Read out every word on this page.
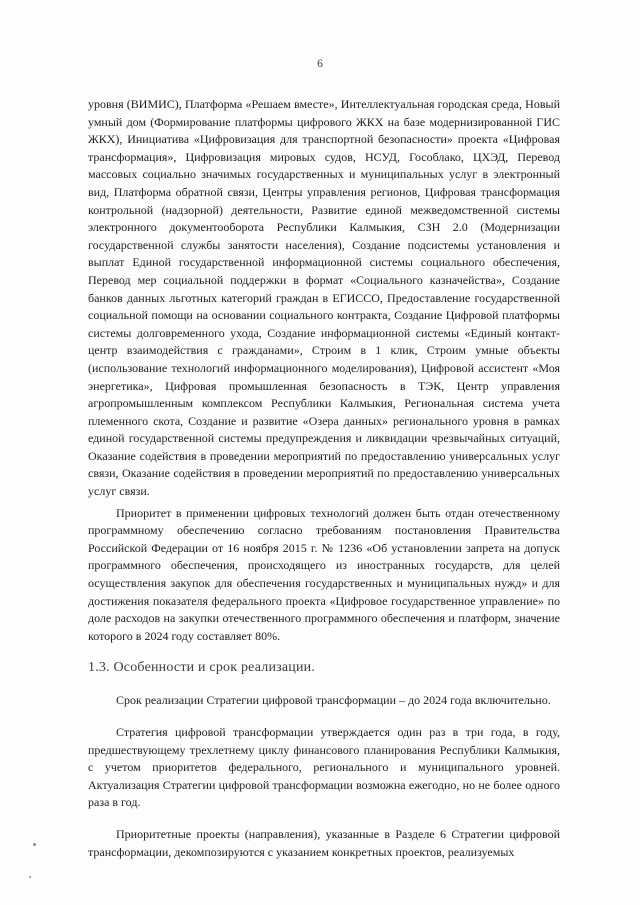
6

уровня (ВИМИС), Платформа «Решаем вместе», Интеллектуальная городская среда, Новый умный дом (Формирование платформы цифрового ЖКХ на базе модернизированной ГИС ЖКХ), Инициатива «Цифровизация для транспортной безопасности» проекта «Цифровая трансформация», Цифровизация мировых судов, НСУД, Гособлако, ЦХЭД, Перевод массовых социально значимых государственных и муниципальных услуг в электронный вид, Платформа обратной связи, Центры управления регионов, Цифровая трансформация контрольной (надзорной) деятельности, Развитие единой межведомственной системы электронного документооборота Республики Калмыкия, СЗН 2.0 (Модернизации государственной службы занятости населения), Создание подсистемы установления и выплат Единой государственной информационной системы социального обеспечения, Перевод мер социальной поддержки в формат «Социального казначейства», Создание банков данных льготных категорий граждан в ЕГИССО, Предоставление государственной социальной помощи на основании социального контракта, Создание Цифровой платформы системы долговременного ухода, Создание информационной системы «Единый контакт-центр взаимодействия с гражданами», Строим в 1 клик, Строим умные объекты (использование технологий информационного моделирования), Цифровой ассистент «Моя энергетика», Цифровая промышленная безопасность в ТЭК, Центр управления агропромышленным комплексом Республики Калмыкия, Региональная система учета племенного скота, Создание и развитие «Озера данных» регионального уровня в рамках единой государственной системы предупреждения и ликвидации чрезвычайных ситуаций, Оказание содействия в проведении мероприятий по предоставлению универсальных услуг связи, Оказание содействия в проведении мероприятий по предоставлению универсальных услуг связи.

Приоритет в применении цифровых технологий должен быть отдан отечественному программному обеспечению согласно требованиям постановления Правительства Российской Федерации от 16 ноября 2015 г. № 1236 «Об установлении запрета на допуск программного обеспечения, происходящего из иностранных государств, для целей осуществления закупок для обеспечения государственных и муниципальных нужд» и для достижения показателя федерального проекта «Цифровое государственное управление» по доле расходов на закупки отечественного программного обеспечения и платформ, значение которого в 2024 году составляет 80%.

1.3. Особенности и срок реализации.

Срок реализации Стратегии цифровой трансформации – до 2024 года включительно.

Стратегия цифровой трансформации утверждается один раз в три года, в году, предшествующему трехлетнему циклу финансового планирования Республики Калмыкия, с учетом приоритетов федерального, регионального и муниципального уровней. Актуализация Стратегии цифровой трансформации возможна ежегодно, но не более одного раза в год.

Приоритетные проекты (направления), указанные в Разделе 6 Стратегии цифровой трансформации, декомпозируются с указанием конкретных проектов, реализуемых
